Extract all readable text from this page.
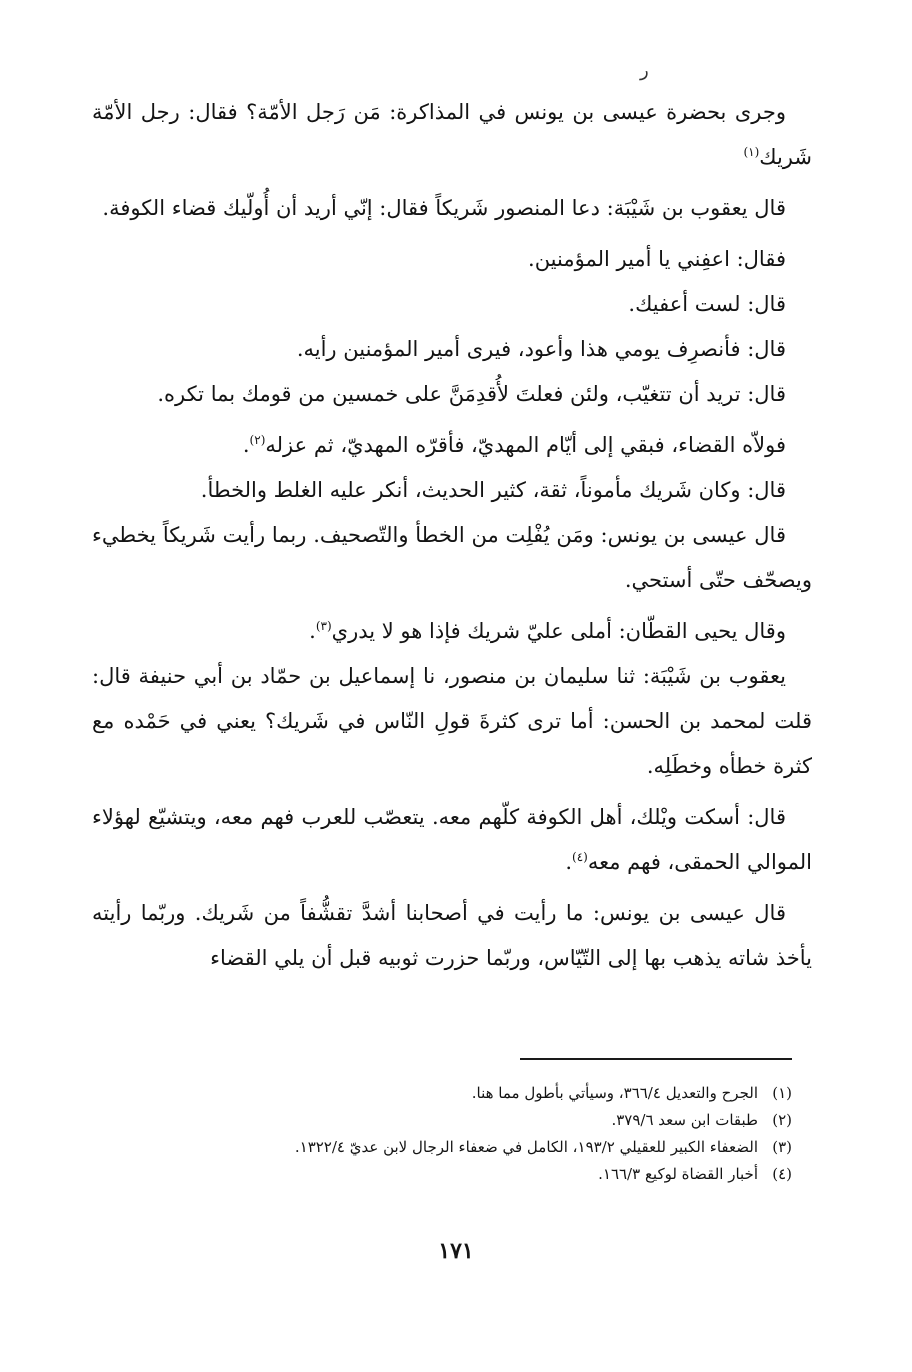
ر

وجرى بحضرة عيسى بن يونس في المذاكرة: مَن رَجل الأمّة؟ فقال: رجل الأمّة شَريك$^{(١)}$

قال يعقوب بن شَيْبَة: دعا المنصور شَريكاً فقال: إنّي أريد أن أُولّيك قضاء الكوفة.

فقال: اعفِني يا أمير المؤمنين.

قال: لست أعفيك.

قال: فأنصرِف يومي هذا وأعود، فيرى أمير المؤمنين رأيه.

قال: تريد أن تتغيّب، ولئن فعلتَ لأُقدِمَنَّ على خمسين من قومك بما تكره.

فولاّه القضاء، فبقي إلى أيّام المهديّ، فأقرّه المهديّ، ثم عزله$^{(٢)}$.

قال: وكان شَريك مأموناً، ثقة، كثير الحديث، أنكر عليه الغلط والخطأ.

قال عيسى بن يونس: ومَن يُفْلِت من الخطأ والتّصحيف. ربما رأيت شَريكاً يخطيء ويصحّف حتّى أستحي.

وقال يحيى القطّان: أملى عليّ شريك فإذا هو لا يدري$^{(٣)}$.

يعقوب بن شَيْبَة: ثنا سليمان بن منصور، نا إسماعيل بن حمّاد بن أبي حنيفة قال: قلت لمحمد بن الحسن: أما ترى كثرةَ قولِ النّاس في شَريك؟ يعني في حَمْده مع كثرة خطأه وخطَلِه.

قال: أسكت ويْلك، أهل الكوفة كلّهم معه. يتعصّب للعرب فهم معه، ويتشيّع لهؤلاء الموالي الحمقى، فهم معه$^{(٤)}$.

قال عيسى بن يونس: ما رأيت في أصحابنا أشدَّ تقشُّفاً من شَريك. وربّما رأيته يأخذ شاته يذهب بها إلى التّيّاس، وربّما حزرت ثوبيه قبل أن يلي القضاء

(١)
الجرح والتعديل ٣٦٦/٤، وسيأتي بأطول مما هنا.

(٢)
طبقات ابن سعد ٣٧٩/٦.

(٣)
الضعفاء الكبير للعقيلي ١٩٣/٢، الكامل في ضعفاء الرجال لابن عديّ ١٣٢٢/٤.

(٤)
أخبار القضاة لوكيع ١٦٦/٣.

١٧١
